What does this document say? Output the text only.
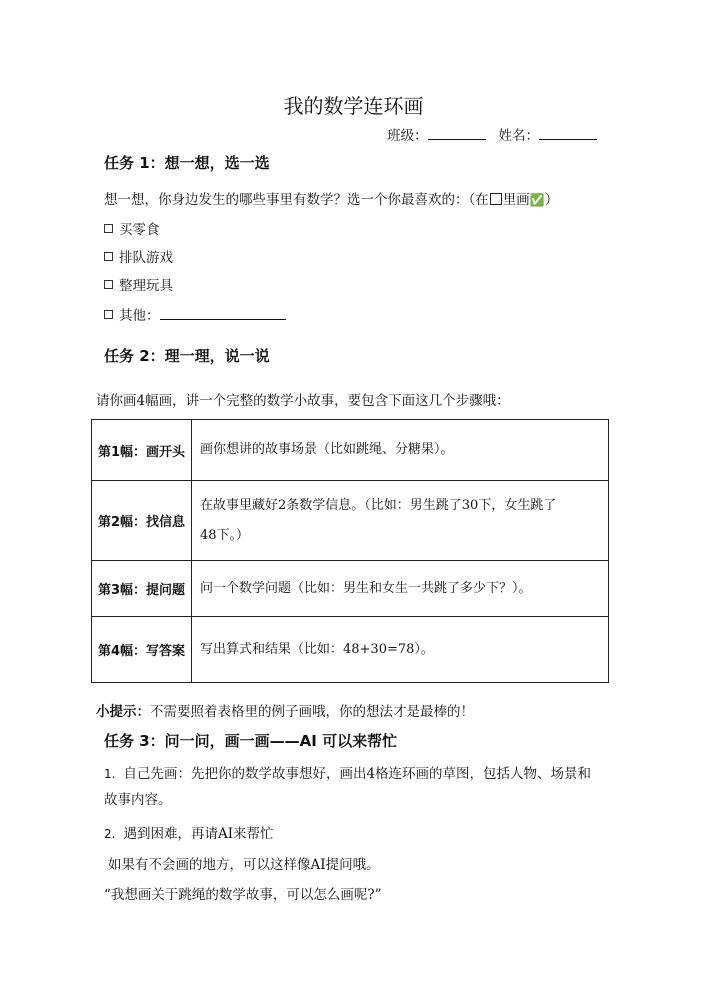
我的数学连环画
班级：	姓名：
任务 1：想一想，选一选
想一想，你身边发生的哪些事里有数学？选一个你最喜欢的：（在 里画✅）
买零食
排队游戏
整理玩具
其他：
任务 2：理一理，说一说
请你画4幅画，讲一个完整的数学小故事，要包含下面这几个步骤哦：
第1幅：画开头	画你想讲的故事场景（比如跳绳、分糖果）。
第2幅：找信息	在故事里藏好2条数学信息。（比如：男生跳了30下，女生跳了
48下。）

第3幅：提问题	问一个数学问题（比如：男生和女生一共跳了多少下？）。
第4幅：写答案	写出算式和结果（比如：48+30=78）。
小提示：不需要照着表格里的例子画哦，你的想法才是最棒的！
任务 3：问一问，画一画——AI 可以来帮忙
1. 自己先画：先把你的数学故事想好，画出4格连环画的草图，包括人物、场景和
故事内容。
2. 遇到困难，再请AI来帮忙
如果有不会画的地方，可以这样像AI提问哦。
“我想画关于跳绳的数学故事，可以怎么画呢?”
